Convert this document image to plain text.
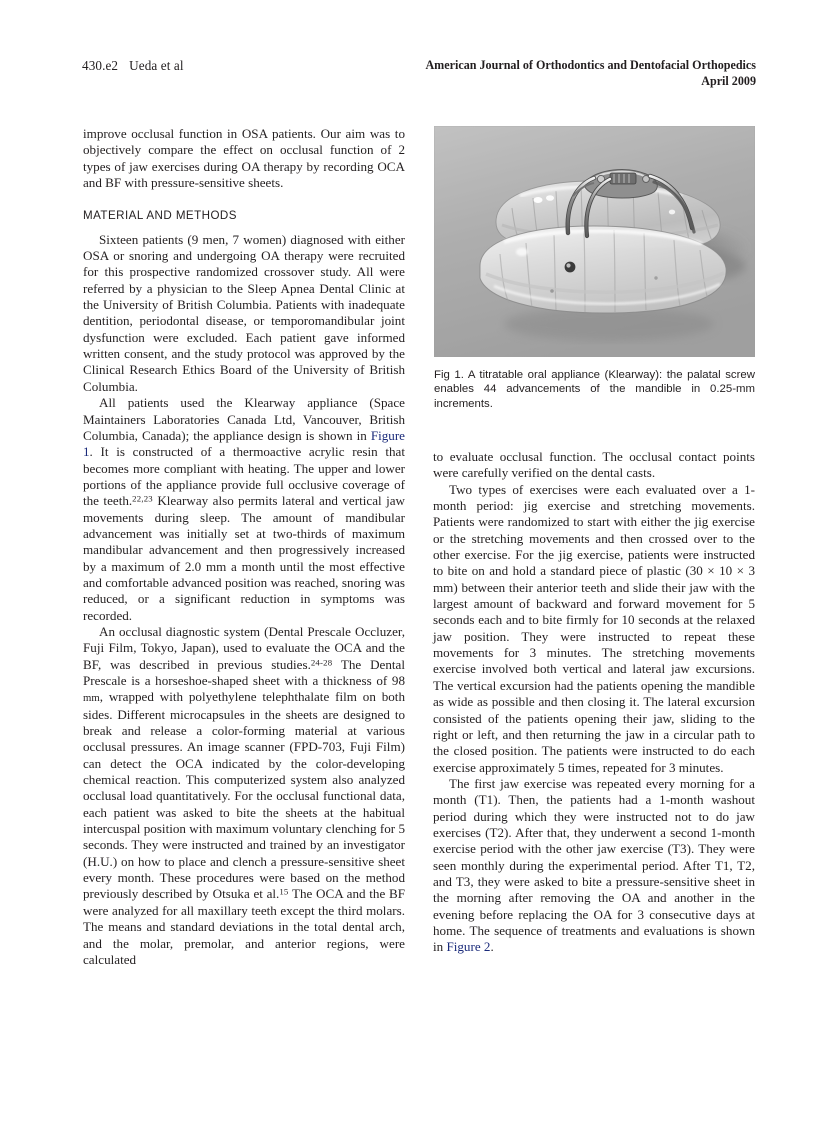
430.e2 Ueda et al	American Journal of Orthodontics and Dentofacial Orthopedics
April 2009

improve occlusal function in OSA patients. Our aim was to objectively compare the effect on occlusal function of 2 types of jaw exercises during OA therapy by recording OCA and BF with pressure-sensitive sheets.

MATERIAL AND METHODS

Sixteen patients (9 men, 7 women) diagnosed with either OSA or snoring and undergoing OA therapy were recruited for this prospective randomized crossover study. All were referred by a physician to the Sleep Apnea Dental Clinic at the University of British Columbia. Patients with inadequate dentition, periodontal disease, or temporomandibular joint dysfunction were excluded. Each patient gave informed written consent, and the study protocol was approved by the Clinical Research Ethics Board of the University of British Columbia.

All patients used the Klearway appliance (Space Maintainers Laboratories Canada Ltd, Vancouver, British Columbia, Canada); the appliance design is shown in Figure 1. It is constructed of a thermoactive acrylic resin that becomes more compliant with heating. The upper and lower portions of the appliance provide full occlusive coverage of the teeth.$^{22,23}$ Klearway also permits lateral and vertical jaw movements during sleep. The amount of mandibular advancement was initially set at two-thirds of maximum mandibular advancement and then progressively increased by a maximum of 2.0 mm a month until the most effective and comfortable advanced position was reached, snoring was reduced, or a significant reduction in symptoms was recorded.

An occlusal diagnostic system (Dental Prescale Occluzer, Fuji Film, Tokyo, Japan), used to evaluate the OCA and the BF, was described in previous studies.$^{24-28}$ The Dental Prescale is a horseshoe-shaped sheet with a thickness of 98 mm, wrapped with polyethylene telephthalate film on both sides. Different microcapsules in the sheets are designed to break and release a color-forming material at various occlusal pressures. An image scanner (FPD-703, Fuji Film) can detect the OCA indicated by the color-developing chemical reaction. This computerized system also analyzed occlusal load quantitatively. For the occlusal functional data, each patient was asked to bite the sheets at the habitual intercuspal position with maximum voluntary clenching for 5 seconds. They were instructed and trained by an investigator (H.U.) on how to place and clench a pressure-sensitive sheet every month. These procedures were based on the method previously described by Otsuka et al.$^{15}$ The OCA and the BF were analyzed for all maxillary teeth except the third molars. The means and standard deviations in the total dental arch, and the molar, premolar, and anterior regions, were calculated

Fig 1. A titratable oral appliance (Klearway): the palatal screw enables 44 advancements of the mandible in 0.25-mm increments.

to evaluate occlusal function. The occlusal contact points were carefully verified on the dental casts.

Two types of exercises were each evaluated over a 1-month period: jig exercise and stretching movements. Patients were randomized to start with either the jig exercise or the stretching movements and then crossed over to the other exercise. For the jig exercise, patients were instructed to bite on and hold a standard piece of plastic (30 × 10 × 3 mm) between their anterior teeth and slide their jaw with the largest amount of backward and forward movement for 5 seconds each and to bite firmly for 10 seconds at the relaxed jaw position. They were instructed to repeat these movements for 3 minutes. The stretching movements exercise involved both vertical and lateral jaw excursions. The vertical excursion had the patients opening the mandible as wide as possible and then closing it. The lateral excursion consisted of the patients opening their jaw, sliding to the right or left, and then returning the jaw in a circular path to the closed position. The patients were instructed to do each exercise approximately 5 times, repeated for 3 minutes.

The first jaw exercise was repeated every morning for a month (T1). Then, the patients had a 1-month washout period during which they were instructed not to do jaw exercises (T2). After that, they underwent a second 1-month exercise period with the other jaw exercise (T3). They were seen monthly during the experimental period. After T1, T2, and T3, they were asked to bite a pressure-sensitive sheet in the morning after removing the OA and another in the evening before replacing the OA for 3 consecutive days at home. The sequence of treatments and evaluations is shown in Figure 2.
